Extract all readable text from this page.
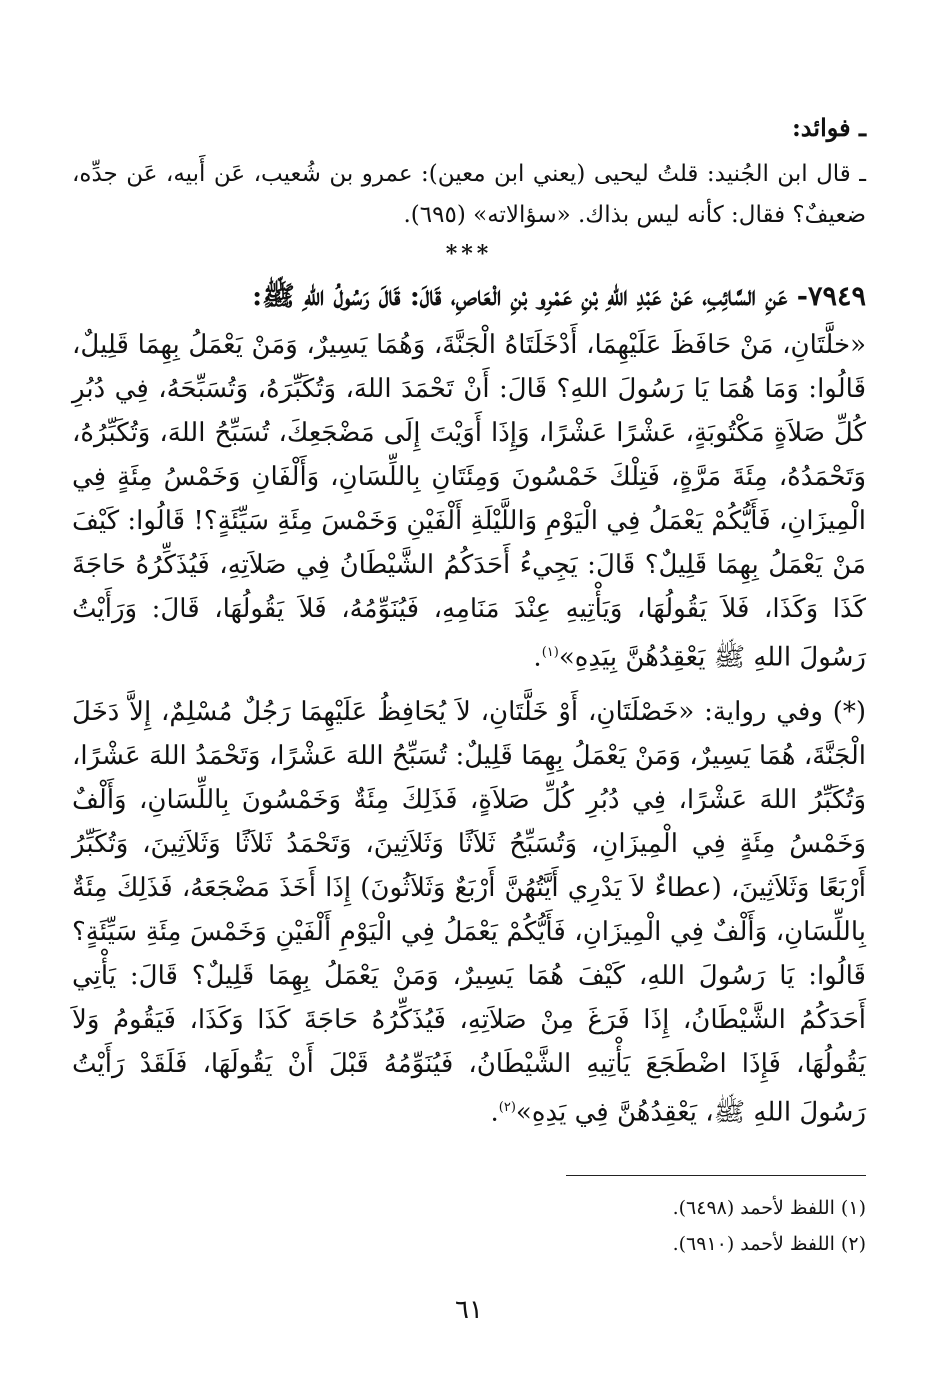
ـ فوائد:

ـ قال ابن الجُنيد: قلتُ ليحيى (يعني ابن معين): عمرو بن شُعيب، عَن أَبيه، عَن جدِّه، ضعيفٌ؟ فقال: كأنه ليس بذاك. «سؤالاته» (٦٩٥).

***

٧٩٤٩- عَنِ السَّائِبِ، عَنْ عَبْدِ اللهِ بْنِ عَمْرِو بْنِ الْعَاصِ، قَالَ: قَالَ رَسُولُ اللهِ ﷺ:

«خلَّتَانِ، مَنْ حَافَظَ عَلَيْهِمَا، أَدْخَلَتَاهُ الْجَنَّةَ، وَهُمَا يَسِيرٌ، وَمَنْ يَعْمَلُ بِهِمَا قَلِيلٌ، قَالُوا: وَمَا هُمَا يَا رَسُولَ اللهِ؟ قَالَ: أَنْ تَحْمَدَ اللهَ، وَتُكَبِّرَهُ، وَتُسَبِّحَهُ، فِي دُبُرِ كُلِّ صَلاَةٍ مَكْتُوبَةٍ، عَشْرًا عَشْرًا، وَإِذَا أَوَيْتَ إِلَى مَضْجَعِكَ، تُسَبِّحُ اللهَ، وَتُكَبِّرُهُ، وَتَحْمَدُهُ، مِئَةَ مَرَّةٍ، فَتِلْكَ خَمْسُونَ وَمِئَتَانِ بِاللِّسَانِ، وَأَلْفَانِ وَخَمْسُ مِئَةٍ فِي الْمِيزَانِ، فَأَيُّكُمْ يَعْمَلُ فِي الْيَوْمِ وَاللَّيْلَةِ أَلْفَيْنِ وَخَمْسَ مِئَةِ سَيِّئَةٍ؟! قَالُوا: كَيْفَ مَنْ يَعْمَلُ بِهِمَا قَلِيلٌ؟ قَالَ: يَجِيءُ أَحَدَكُمُ الشَّيْطَانُ فِي صَلاَتِهِ، فَيُذَكِّرُهُ حَاجَةَ كَذَا وَكَذَا، فَلاَ يَقُولُهَا، وَيَأْتِيهِ عِنْدَ مَنَامِهِ، فَيُنَوِّمُهُ، فَلاَ يَقُولُهَا، قَالَ: وَرَأَيْتُ رَسُولَ اللهِ ﷺ يَعْقِدُهُنَّ بِيَدِهِ»$^{(١)}$.

(*) وفي رواية: «خَصْلَتَانِ، أَوْ خَلَّتَانِ، لاَ يُحَافِظُ عَلَيْهِمَا رَجُلٌ مُسْلِمٌ، إِلاَّ دَخَلَ الْجَنَّةَ، هُمَا يَسِيرٌ، وَمَنْ يَعْمَلُ بِهِمَا قَلِيلٌ: تُسَبِّحُ اللهَ عَشْرًا، وَتَحْمَدُ اللهَ عَشْرًا، وَتُكَبِّرُ اللهَ عَشْرًا، فِي دُبُرِ كُلِّ صَلاَةٍ، فَذَلِكَ مِئَةٌ وَخَمْسُونَ بِاللِّسَانِ، وَأَلْفٌ وَخَمْسُ مِئَةٍ فِي الْمِيزَانِ، وَتُسَبِّحُ ثَلاَثًا وَثَلاَثِينَ، وَتَحْمَدُ ثَلاَثًا وَثَلاَثِينَ، وَتُكَبِّرُ أَرْبَعًا وَثَلاَثِينَ، (عطاءٌ لاَ يَدْرِي أَيَّتُهُنَّ أَرْبَعٌ وَثَلاَثُونَ) إِذَا أَخَذَ مَضْجَعَهُ، فَذَلِكَ مِئَةٌ بِاللِّسَانِ، وَأَلْفٌ فِي الْمِيزَانِ، فَأَيُّكُمْ يَعْمَلُ فِي الْيَوْمِ أَلْفَيْنِ وَخَمْسَ مِئَةِ سَيِّئَةٍ؟ قَالُوا: يَا رَسُولَ اللهِ، كَيْفَ هُمَا يَسِيرٌ، وَمَنْ يَعْمَلُ بِهِمَا قَلِيلٌ؟ قَالَ: يَأْتِي أَحَدَكُمُ الشَّيْطَانُ، إِذَا فَرَغَ مِنْ صَلاَتِهِ، فَيُذَكِّرُهُ حَاجَةَ كَذَا وَكَذَا، فَيَقُومُ وَلاَ يَقُولُهَا، فَإِذَا اضْطَجَعَ يَأْتِيهِ الشَّيْطَانُ، فَيُنَوِّمُهُ قَبْلَ أَنْ يَقُولَهَا، فَلَقَدْ رَأَيْتُ رَسُولَ اللهِ ﷺ، يَعْقِدُهُنَّ فِي يَدِهِ»$^{(٢)}$.

(١) اللفظ لأحمد (٦٤٩٨).

(٢) اللفظ لأحمد (٦٩١٠).

٦١
